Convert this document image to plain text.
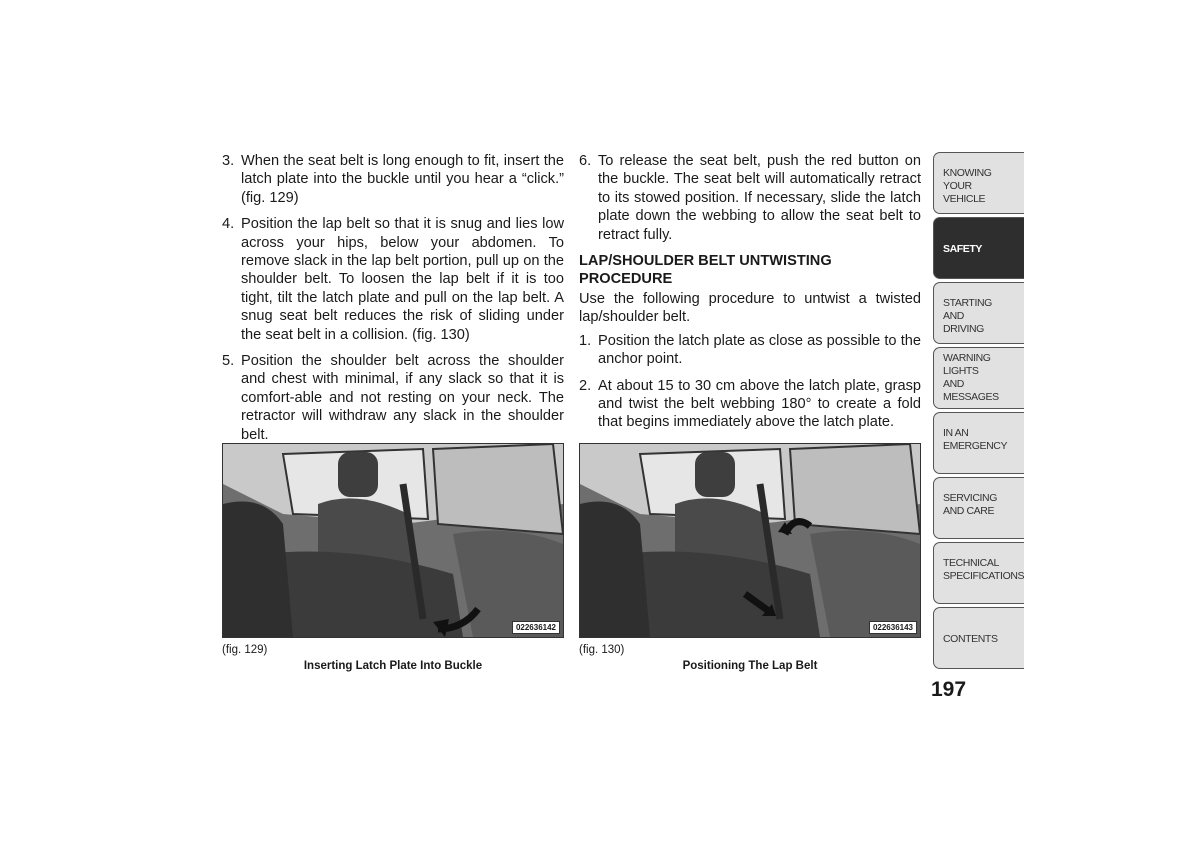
3. When the seat belt is long enough to fit, insert the latch plate into the buckle until you hear a “click.” (fig. 129)
4. Position the lap belt so that it is snug and lies low across your hips, below your abdomen. To remove slack in the lap belt portion, pull up on the shoulder belt. To loosen the lap belt if it is too tight, tilt the latch plate and pull on the lap belt. A snug seat belt reduces the risk of sliding under the seat belt in a collision. (fig. 130)
5. Position the shoulder belt across the shoulder and chest with minimal, if any slack so that it is comfort-able and not resting on your neck. The retractor will withdraw any slack in the shoulder belt.
6. To release the seat belt, push the red button on the buckle. The seat belt will automatically retract to its stowed position. If necessary, slide the latch plate down the webbing to allow the seat belt to retract fully.
LAP/SHOULDER BELT UNTWISTING PROCEDURE
Use the following procedure to untwist a twisted lap/shoulder belt.
1. Position the latch plate as close as possible to the anchor point.
2. At about 15 to 30 cm above the latch plate, grasp and twist the belt webbing 180° to create a fold that begins immediately above the latch plate.
022636142
(fig. 129)
Inserting Latch Plate Into Buckle
022636143
(fig. 130)
Positioning The Lap Belt
KNOWING
YOUR
VEHICLE
SAFETY
STARTING
AND
DRIVING
WARNING
LIGHTS
AND
MESSAGES
IN AN
EMERGENCY
SERVICING
AND CARE
TECHNICAL
SPECIFICATIONS
CONTENTS
197
